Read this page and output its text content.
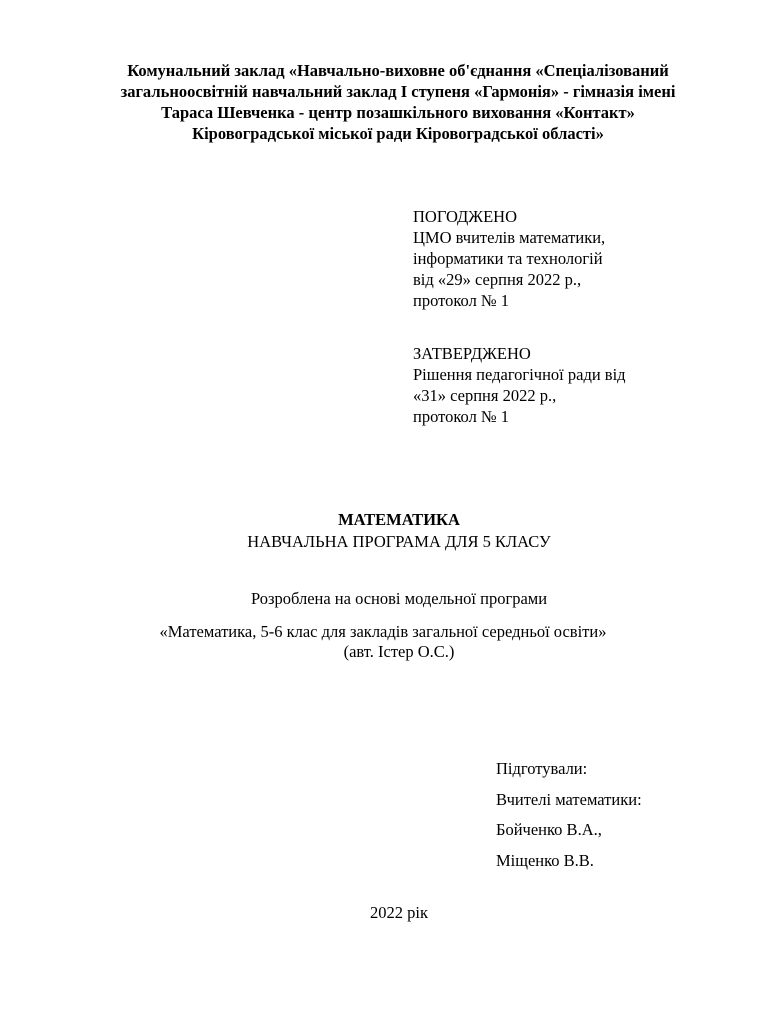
Комунальний заклад «Навчально-виховне об'єднання «Спеціалізований
загальноосвітній навчальний заклад І ступеня «Гармонія» - гімназія імені
Тараса Шевченка - центр позашкільного виховання «Контакт»
Кіровоградської міської ради Кіровоградської області»
ПОГОДЖЕНО
ЦМО вчителів математики,
інформатики та технологій
від «29» серпня 2022 р.,
протокол № 1
ЗАТВЕРДЖЕНО
Рішення педагогічної ради від
«31» серпня 2022 р.,
протокол № 1
МАТЕМАТИКА
НАВЧАЛЬНА ПРОГРАМА ДЛЯ 5 КЛАСУ
Розроблена на основі модельної програми
«Математика, 5-6 клас для закладів загальної середньої освіти»
(авт. Істер О.С.)
Підготували:
Вчителі математики:
Бойченко В.А.,
Міщенко В.В.
2022 рік
